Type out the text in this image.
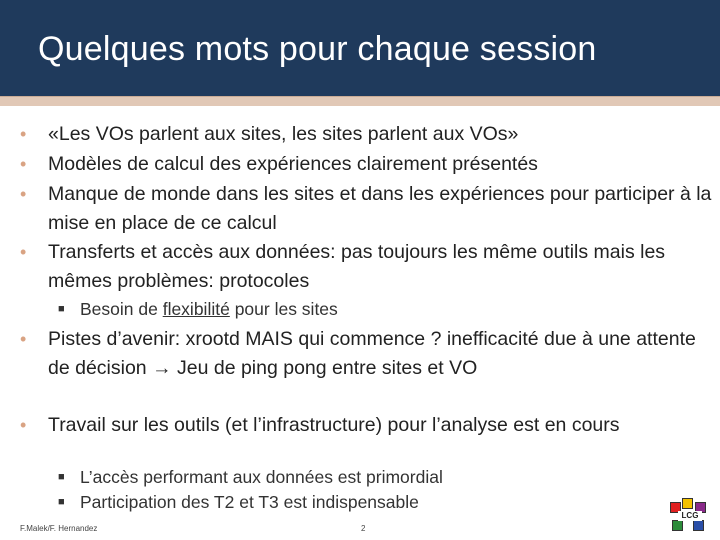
Quelques mots pour chaque session
• «Les VOs parlent aux sites, les sites parlent aux VOs»
• Modèles de calcul des expériences clairement présentés
• Manque de monde dans les sites et dans les expériences pour participer à la mise en place de ce calcul
• Transferts et accès aux données: pas toujours les même outils mais les mêmes problèmes: protocoles
■ Besoin de flexibilité pour les sites
• Pistes d’avenir: xrootd MAIS qui commence ? inefficacité due à une attente de décision → Jeu de ping pong entre sites et VO
• Travail sur les outils (et l’infrastructure) pour l’analyse est en cours
■ L’accès performant aux données est primordial
■ Participation des T2 et T3 est indispensable
F.Malek/F. Hernandez	2
LCG
